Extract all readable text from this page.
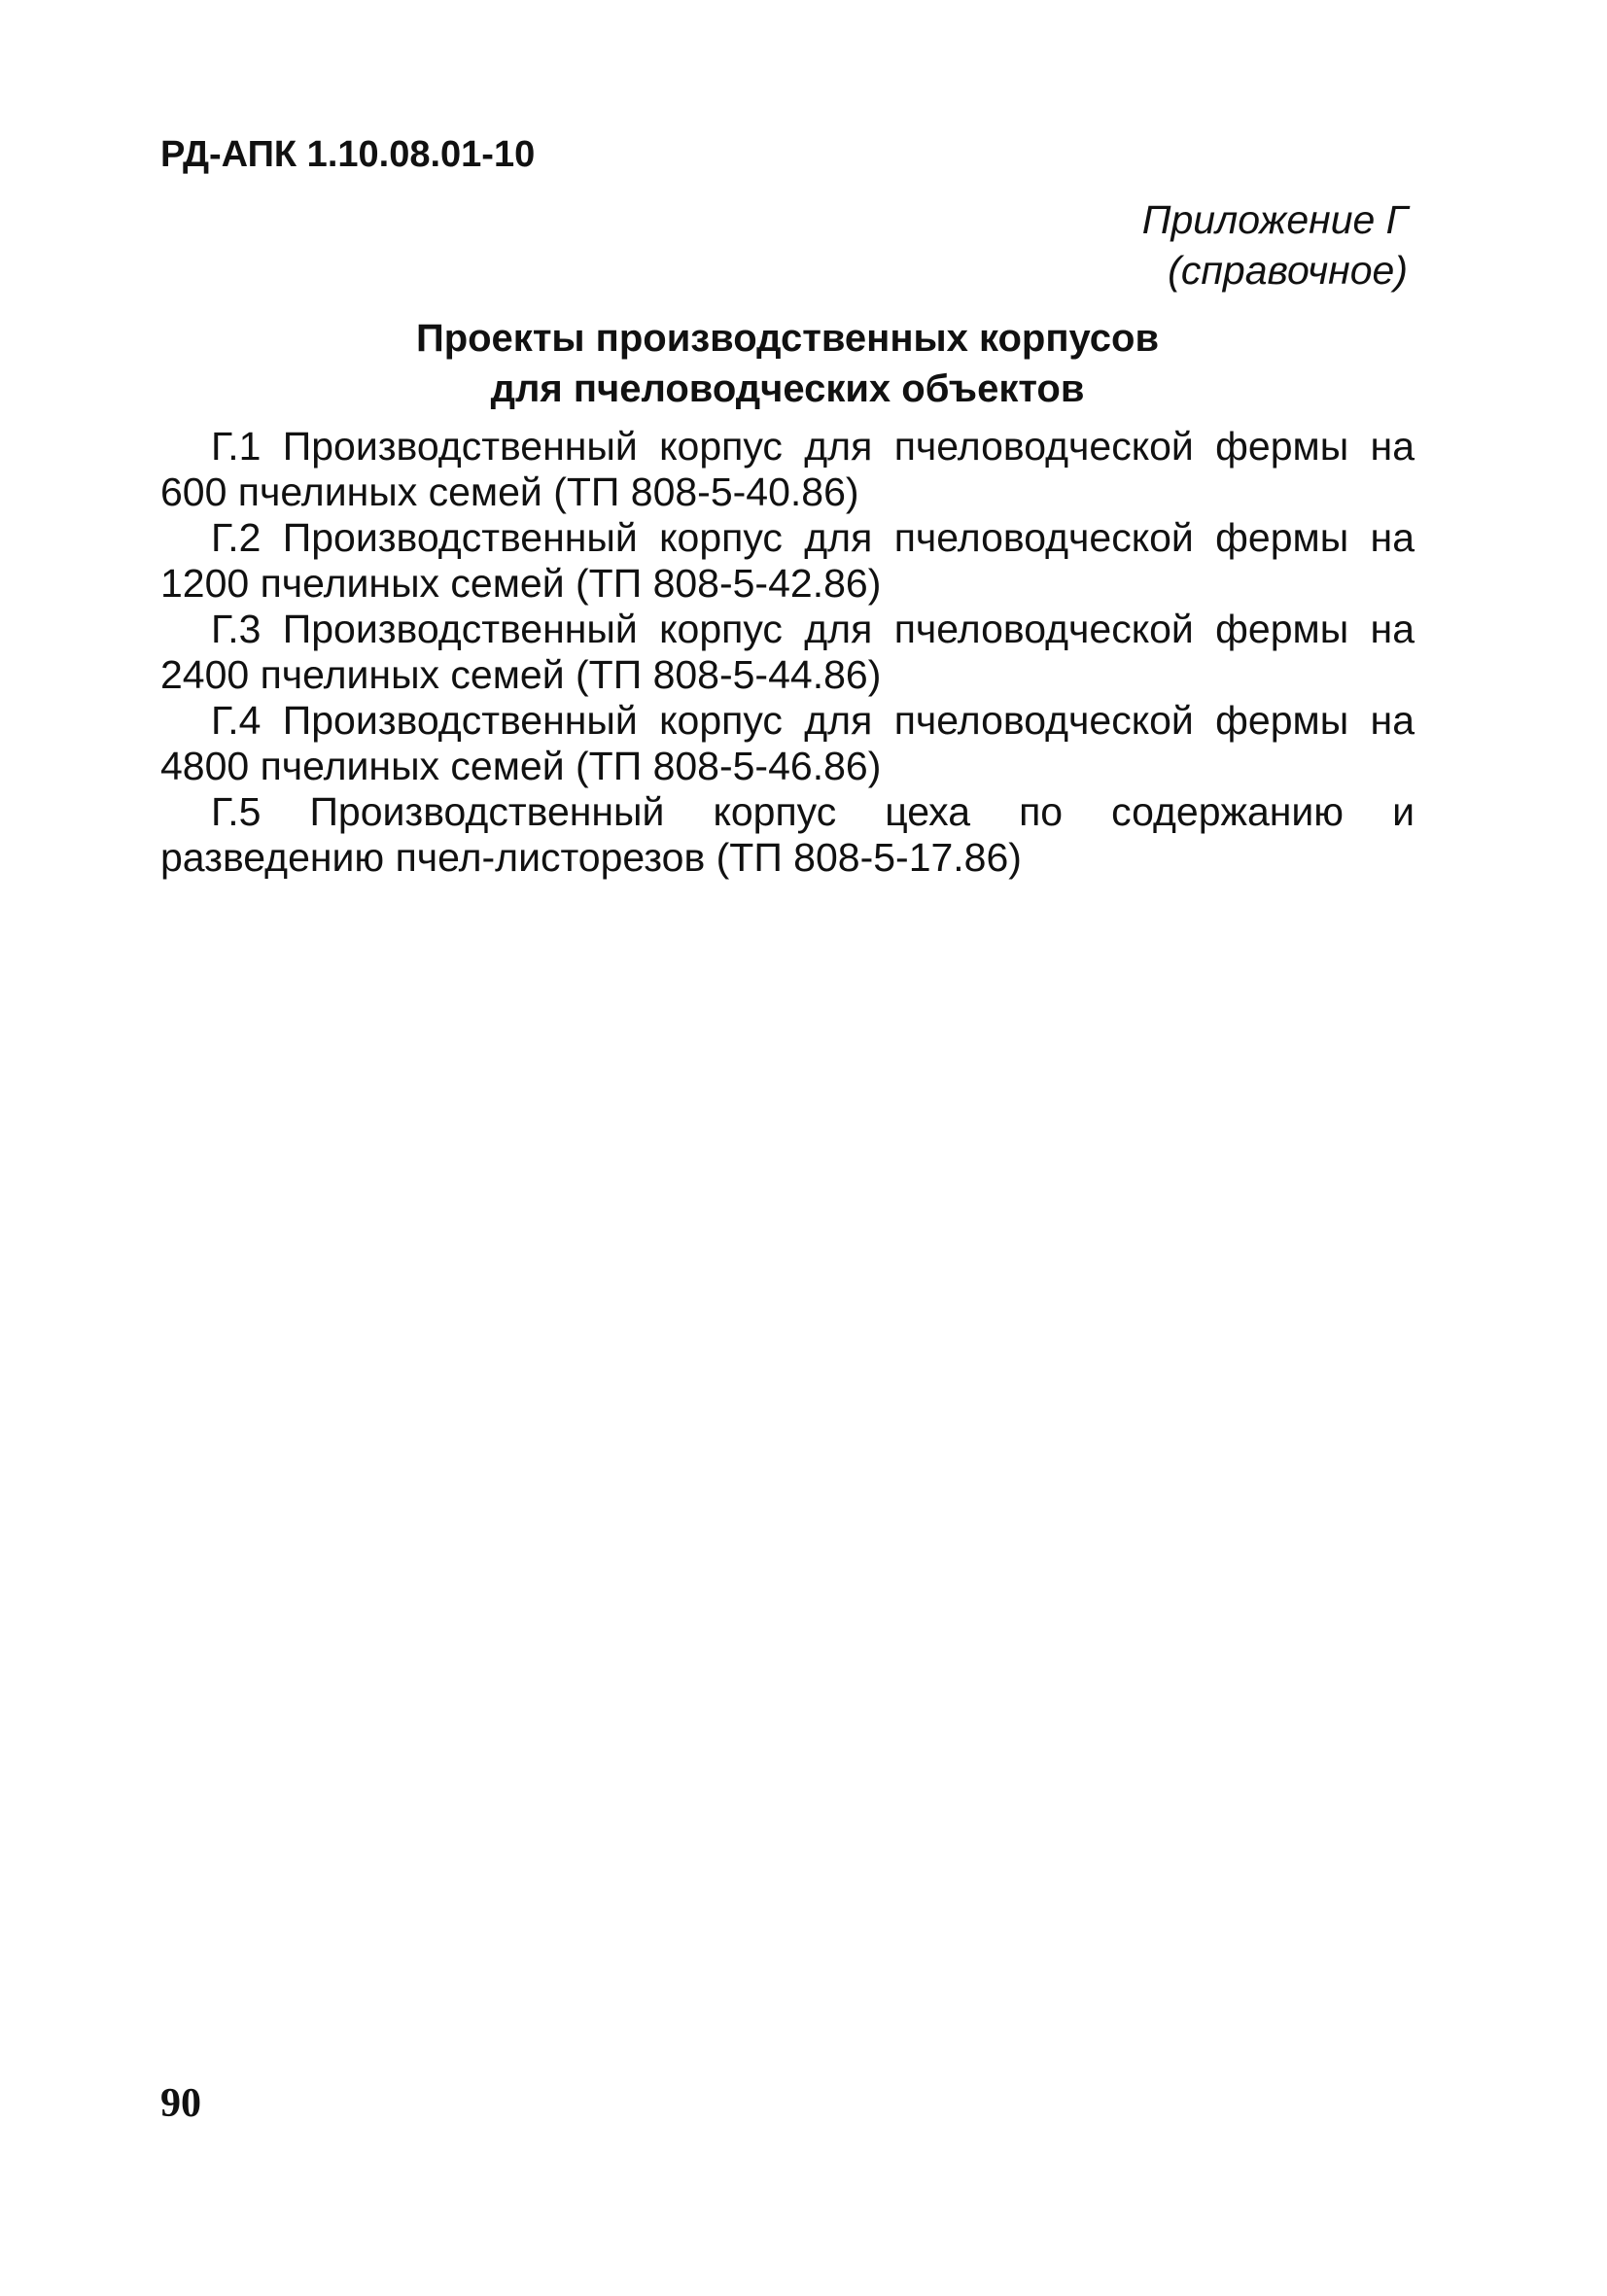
РД-АПК 1.10.08.01-10
Приложение Г
(справочное)
Проекты производственных корпусов
для пчеловодческих объектов

Г.1 Производственный корпус для пчеловодческой фермы на 600 пчелиных семей (ТП 808-5-40.86)

Г.2 Производственный корпус для пчеловодческой фермы на 1200 пчелиных семей (ТП 808-5-42.86)

Г.3 Производственный корпус для пчеловодческой фермы на 2400 пчелиных семей (ТП 808-5-44.86)

Г.4 Производственный корпус для пчеловодческой фермы на 4800 пчелиных семей (ТП 808-5-46.86)

Г.5 Производственный корпус цеха по содержанию и разведению пчел-листорезов (ТП 808-5-17.86)

90
